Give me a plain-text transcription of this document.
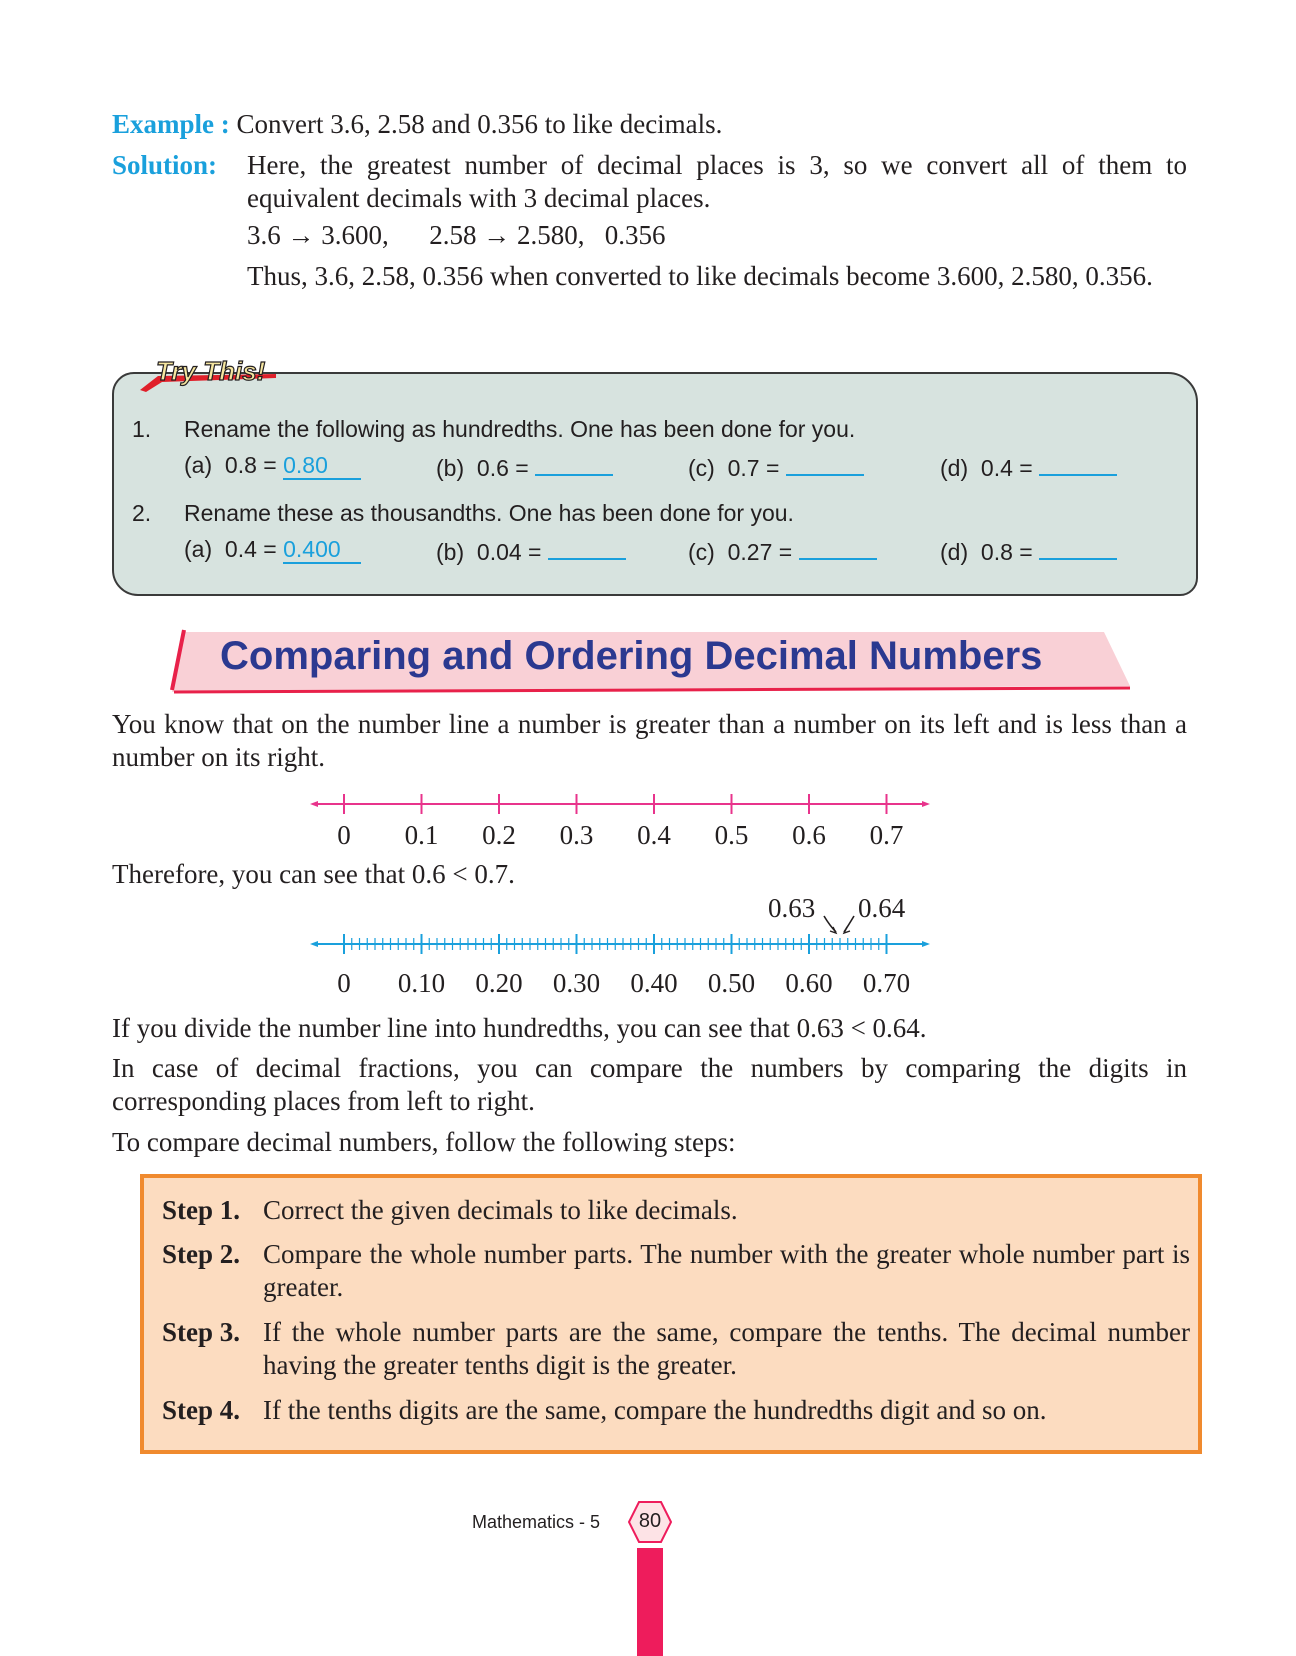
Example : Convert 3.6, 2.58 and 0.356 to like decimals.
Solution: Here, the greatest number of decimal places is 3, so we convert all of them to equivalent decimals with 3 decimal places.
3.6 → 3.600,      2.58 → 2.580,   0.356
Thus, 3.6, 2.58, 0.356 when converted to like decimals become 3.600, 2.580, 0.356.
Try This!
1. Rename the following as hundredths. One has been done for you.
(a) 0.8 = 0.80	(b) 0.6 =	(c) 0.7 =	(d) 0.4 =
2. Rename these as thousandths. One has been done for you.
(a) 0.4 = 0.400	(b) 0.04 =	(c) 0.27 =	(d) 0.8 =
Comparing and Ordering Decimal Numbers
You know that on the number line a number is greater than a number on its left and is less than a number on its right.
0	0.1	0.2	0.3	0.4	0.5	0.6	0.7
Therefore, you can see that 0.6 < 0.7.
0.63 0.64
0	0.10	0.20	0.30	0.40	0.50	0.60	0.70
If you divide the number line into hundredths, you can see that 0.63 < 0.64.
In case of decimal fractions, you can compare the numbers by comparing the digits in corresponding places from left to right.
To compare decimal numbers, follow the following steps:
Step 1. Correct the given decimals to like decimals.
Step 2. Compare the whole number parts. The number with the greater whole number part is greater.
Step 3. If the whole number parts are the same, compare the tenths. The decimal number having the greater tenths digit is the greater.
Step 4. If the tenths digits are the same, compare the hundredths digit and so on.
Mathematics - 5	80
